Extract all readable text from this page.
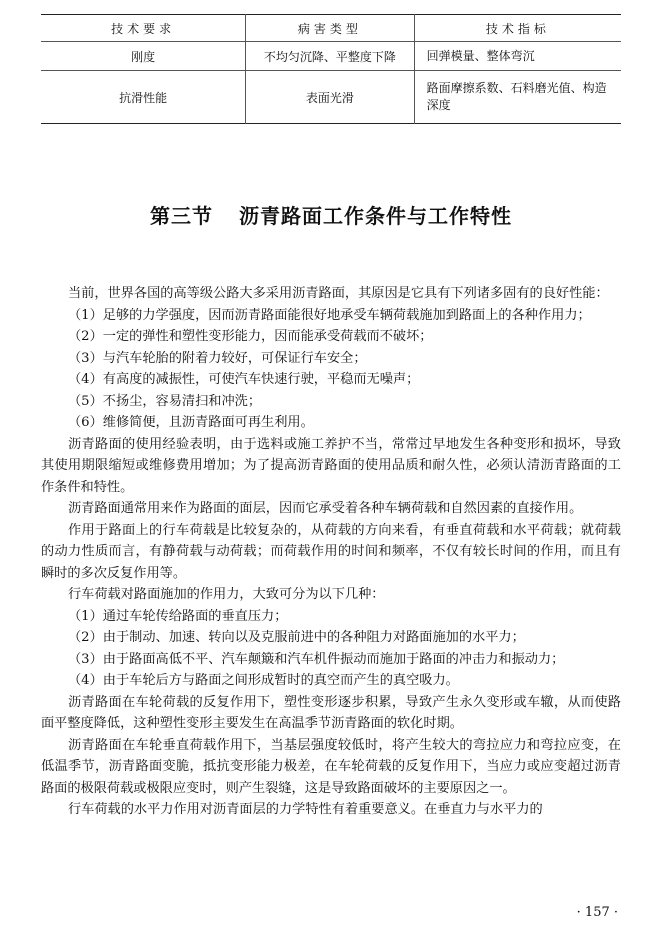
技术要求	病害类型	技术指标
刚度	不均匀沉降、平整度下降	回弹模量、整体弯沉
抗滑性能	表面光滑	路面摩擦系数、石料磨光值、构造深度
第三节 沥青路面工作条件与工作特性

当前，世界各国的高等级公路大多采用沥青路面，其原因是它具有下列诸多固有的良好性能：

（1）足够的力学强度，因而沥青路面能很好地承受车辆荷载施加到路面上的各种作用力；

（2）一定的弹性和塑性变形能力，因而能承受荷载而不破坏；

（3）与汽车轮胎的附着力较好，可保证行车安全；

（4）有高度的减振性，可使汽车快速行驶，平稳而无噪声；

（5）不扬尘，容易清扫和冲洗；

（6）维修简便，且沥青路面可再生利用。

沥青路面的使用经验表明，由于选料或施工养护不当，常常过早地发生各种变形和损坏，导致其使用期限缩短或维修费用增加；为了提高沥青路面的使用品质和耐久性，必须认清沥青路面的工作条件和特性。

沥青路面通常用来作为路面的面层，因而它承受着各种车辆荷载和自然因素的直接作用。

作用于路面上的行车荷载是比较复杂的，从荷载的方向来看，有垂直荷载和水平荷载；就荷载的动力性质而言，有静荷载与动荷载；而荷载作用的时间和频率，不仅有较长时间的作用，而且有瞬时的多次反复作用等。

行车荷载对路面施加的作用力，大致可分为以下几种：

（1）通过车轮传给路面的垂直压力；

（2）由于制动、加速、转向以及克服前进中的各种阻力对路面施加的水平力；

（3）由于路面高低不平、汽车颠簸和汽车机件振动而施加于路面的冲击力和振动力；

（4）由于车轮后方与路面之间形成暂时的真空而产生的真空吸力。

沥青路面在车轮荷载的反复作用下，塑性变形逐步积累，导致产生永久变形或车辙，从而使路面平整度降低，这种塑性变形主要发生在高温季节沥青路面的软化时期。

沥青路面在车轮垂直荷载作用下，当基层强度较低时，将产生较大的弯拉应力和弯拉应变，在低温季节，沥青路面变脆，抵抗变形能力极差，在车轮荷载的反复作用下，当应力或应变超过沥青路面的极限荷载或极限应变时，则产生裂缝，这是导致路面破坏的主要原因之一。

行车荷载的水平力作用对沥青面层的力学特性有着重要意义。在垂直力与水平力的

· 157 ·
